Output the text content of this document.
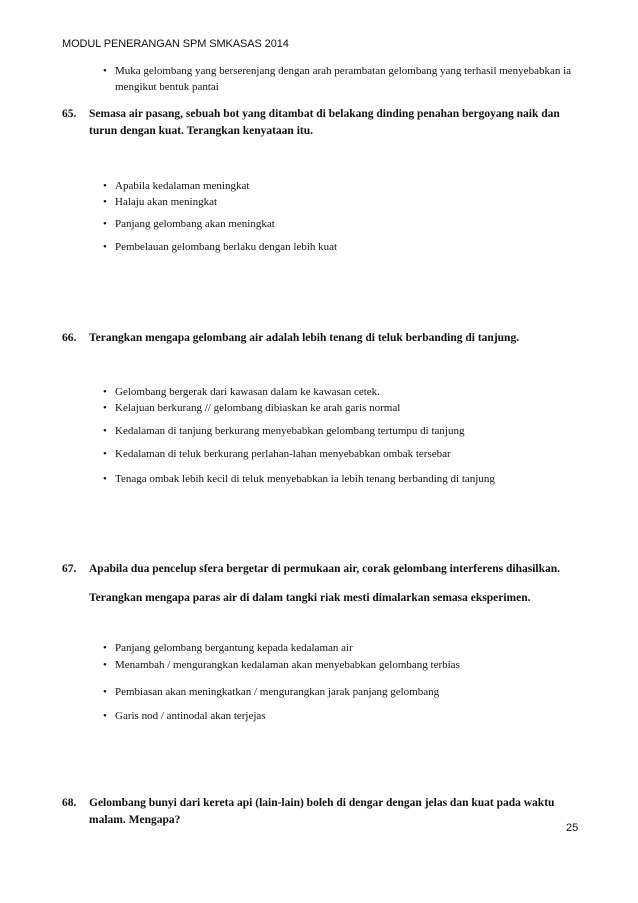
MODUL PENERANGAN SPM SMKASAS 2014
• Muka gelombang yang berserenjang dengan arah perambatan gelombang yang terhasil menyebabkan ia mengikut bentuk pantai
65. Semasa air pasang, sebuah bot yang ditambat di belakang dinding penahan bergoyang naik dan turun dengan kuat. Terangkan kenyataan itu.
• Apabila kedalaman meningkat
• Halaju akan meningkat
• Panjang gelombang akan meningkat
• Pembelauan gelombang berlaku dengan lebih kuat
66. Terangkan mengapa gelombang air adalah lebih tenang di teluk berbanding di tanjung.
• Gelombang bergerak dari kawasan dalam ke kawasan cetek.
• Kelajuan berkurang // gelombang dibiaskan ke arah garis normal
• Kedalaman di tanjung berkurang menyebabkan gelombang tertumpu di tanjung
• Kedalaman di teluk berkurang perlahan-lahan menyebabkan ombak tersebar
• Tenaga ombak lebih kecil di teluk menyebabkan ia lebih tenang berbanding di tanjung
67. Apabila dua pencelup sfera bergetar di permukaan air, corak gelombang interferens dihasilkan.
Terangkan mengapa paras air di dalam tangki riak mesti dimalarkan semasa eksperimen.
• Panjang gelombang bergantung kepada kedalaman air
• Menambah / mengurangkan kedalaman akan menyebabkan gelombang terbias
• Pembiasan akan meningkatkan / mengurangkan jarak panjang gelombang
• Garis nod / antinodal akan terjejas
68. Gelombang bunyi dari kereta api (lain-lain) boleh di dengar dengan jelas dan kuat pada waktu malam. Mengapa?
25
